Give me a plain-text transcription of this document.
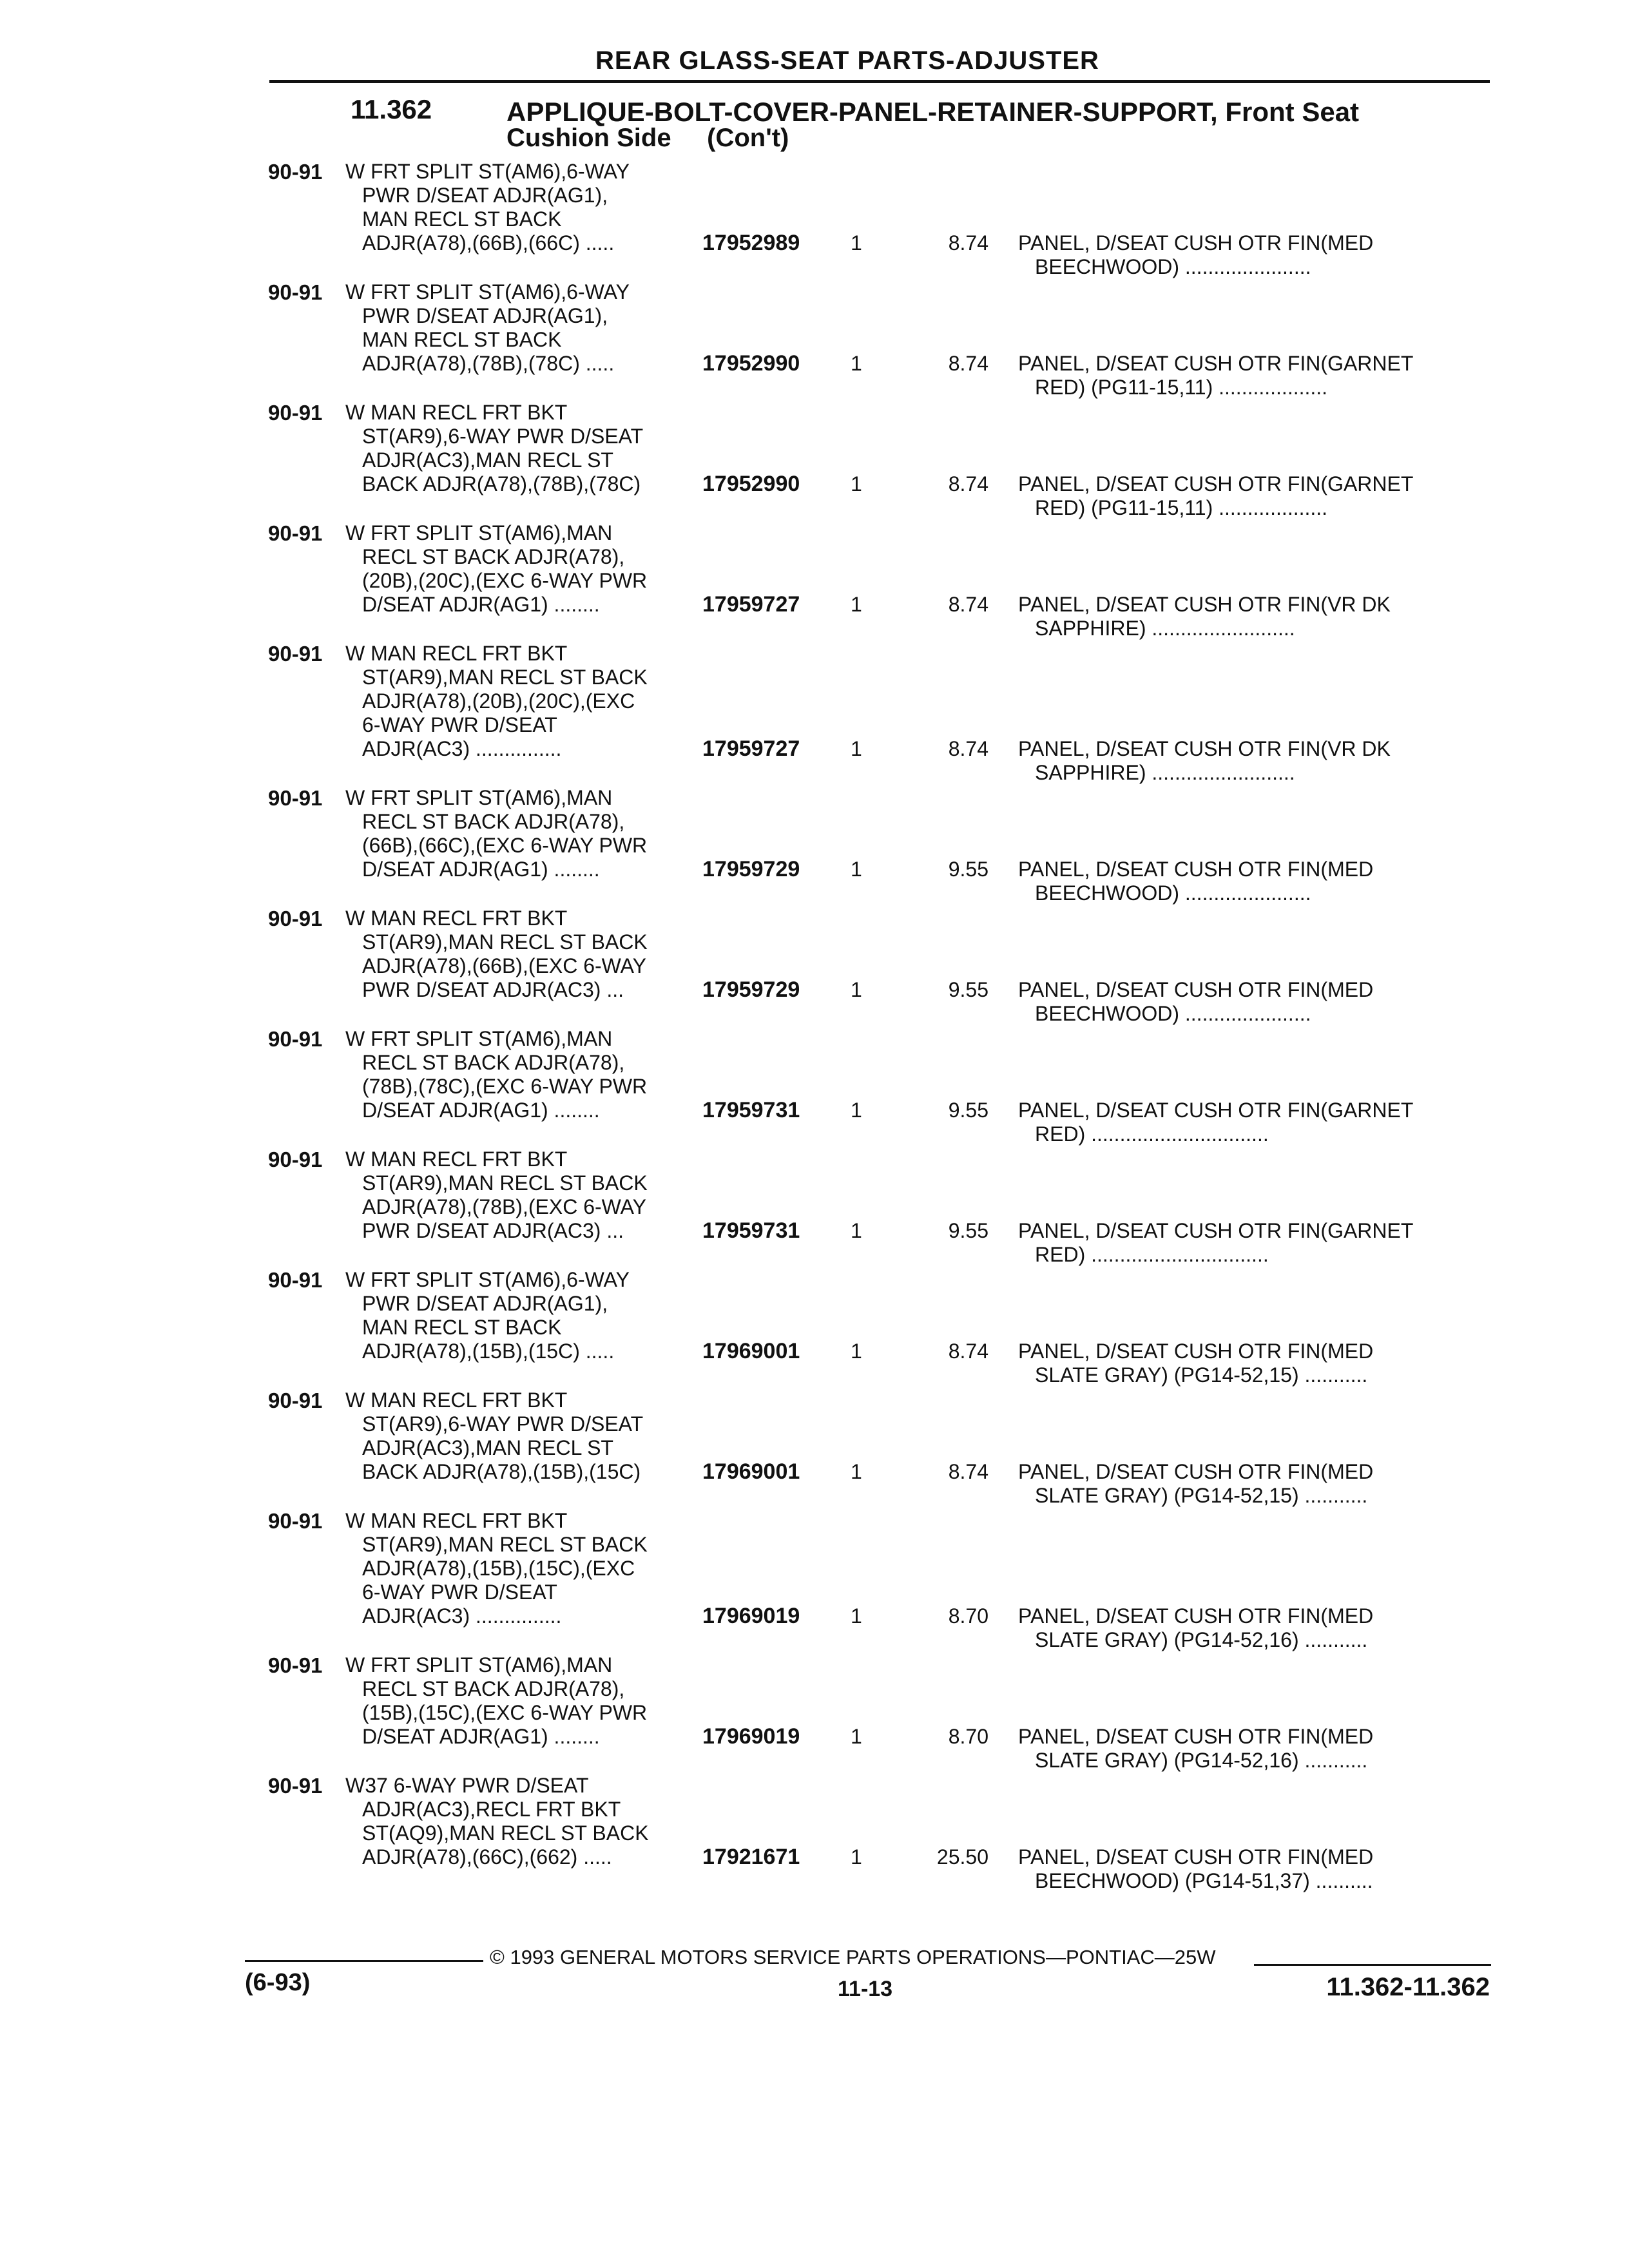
REAR GLASS-SEAT PARTS-ADJUSTER
11.362	APPLIQUE-BOLT-COVER-PANEL-RETAINER-SUPPORT, Front Seat
Cushion Side     (Con't)
90-91 W FRT SPLIT ST(AM6),6-WAY
PWR D/SEAT ADJR(AG1),
MAN RECL ST BACK
ADJR(A78),(66B),(66C) .....	17952989 1	8.74 PANEL, D/SEAT CUSH OTR FIN(MED
BEECHWOOD) ......................
90-91 W FRT SPLIT ST(AM6),6-WAY
PWR D/SEAT ADJR(AG1),
MAN RECL ST BACK
ADJR(A78),(78B),(78C) .....	17952990 1	8.74 PANEL, D/SEAT CUSH OTR FIN(GARNET
RED) (PG11-15,11) ...................
90-91 W MAN RECL FRT BKT
ST(AR9),6-WAY PWR D/SEAT
ADJR(AC3),MAN RECL ST
BACK ADJR(A78),(78B),(78C)	17952990 1	8.74 PANEL, D/SEAT CUSH OTR FIN(GARNET
RED) (PG11-15,11) ...................
90-91 W FRT SPLIT ST(AM6),MAN
RECL ST BACK ADJR(A78),
(20B),(20C),(EXC 6-WAY PWR
D/SEAT ADJR(AG1) ........	17959727 1	8.74 PANEL, D/SEAT CUSH OTR FIN(VR DK
SAPPHIRE) .........................
90-91 W MAN RECL FRT BKT
ST(AR9),MAN RECL ST BACK
ADJR(A78),(20B),(20C),(EXC
6-WAY PWR D/SEAT
ADJR(AC3) ...............	17959727 1	8.74 PANEL, D/SEAT CUSH OTR FIN(VR DK
SAPPHIRE) .........................
90-91 W FRT SPLIT ST(AM6),MAN
RECL ST BACK ADJR(A78),
(66B),(66C),(EXC 6-WAY PWR
D/SEAT ADJR(AG1) ........	17959729 1	9.55 PANEL, D/SEAT CUSH OTR FIN(MED
BEECHWOOD) ......................
90-91 W MAN RECL FRT BKT
ST(AR9),MAN RECL ST BACK
ADJR(A78),(66B),(EXC 6-WAY
PWR D/SEAT ADJR(AC3) ...	17959729 1	9.55 PANEL, D/SEAT CUSH OTR FIN(MED
BEECHWOOD) ......................
90-91 W FRT SPLIT ST(AM6),MAN
RECL ST BACK ADJR(A78),
(78B),(78C),(EXC 6-WAY PWR
D/SEAT ADJR(AG1) ........	17959731 1	9.55 PANEL, D/SEAT CUSH OTR FIN(GARNET
RED) ...............................
90-91 W MAN RECL FRT BKT
ST(AR9),MAN RECL ST BACK
ADJR(A78),(78B),(EXC 6-WAY
PWR D/SEAT ADJR(AC3) ...	17959731 1	9.55 PANEL, D/SEAT CUSH OTR FIN(GARNET
RED) ...............................
90-91 W FRT SPLIT ST(AM6),6-WAY
PWR D/SEAT ADJR(AG1),
MAN RECL ST BACK
ADJR(A78),(15B),(15C) .....	17969001 1	8.74 PANEL, D/SEAT CUSH OTR FIN(MED
SLATE GRAY) (PG14-52,15) ...........
90-91 W MAN RECL FRT BKT
ST(AR9),6-WAY PWR D/SEAT
ADJR(AC3),MAN RECL ST
BACK ADJR(A78),(15B),(15C)	17969001 1	8.74 PANEL, D/SEAT CUSH OTR FIN(MED
SLATE GRAY) (PG14-52,15) ...........
90-91 W MAN RECL FRT BKT
ST(AR9),MAN RECL ST BACK
ADJR(A78),(15B),(15C),(EXC
6-WAY PWR D/SEAT
ADJR(AC3) ...............	17969019 1	8.70 PANEL, D/SEAT CUSH OTR FIN(MED
SLATE GRAY) (PG14-52,16) ...........
90-91 W FRT SPLIT ST(AM6),MAN
RECL ST BACK ADJR(A78),
(15B),(15C),(EXC 6-WAY PWR
D/SEAT ADJR(AG1) ........	17969019 1	8.70 PANEL, D/SEAT CUSH OTR FIN(MED
SLATE GRAY) (PG14-52,16) ...........
90-91 W37 6-WAY PWR D/SEAT
ADJR(AC3),RECL FRT BKT
ST(AQ9),MAN RECL ST BACK
ADJR(A78),(66C),(662) .....	17921671 1	25.50 PANEL, D/SEAT CUSH OTR FIN(MED
BEECHWOOD) (PG14-51,37) ..........
© 1993 GENERAL MOTORS SERVICE PARTS OPERATIONS—PONTIAC—25W
(6-93)	11-13	11.362-11.362
